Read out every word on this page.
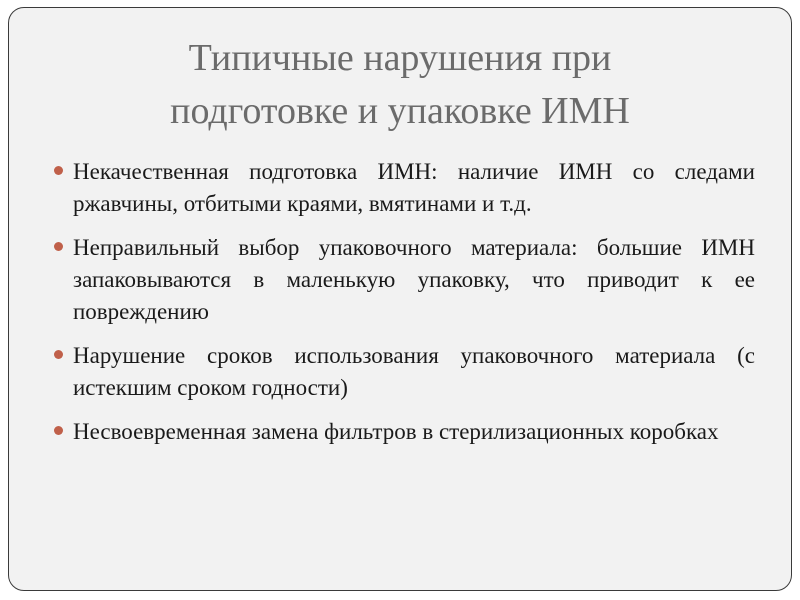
Типичные нарушения при
подготовке и упаковке ИМН
Некачественная подготовка ИМН: наличие ИМН со следами ржавчины, отбитыми краями, вмятинами и т.д.
Неправильный выбор упаковочного материала: большие ИМН запаковываются в маленькую упаковку, что приводит к ее повреждению
Нарушение сроков использования упаковочного материала (с истекшим сроком годности)
Несвоевременная замена фильтров в стерилизационных коробках
